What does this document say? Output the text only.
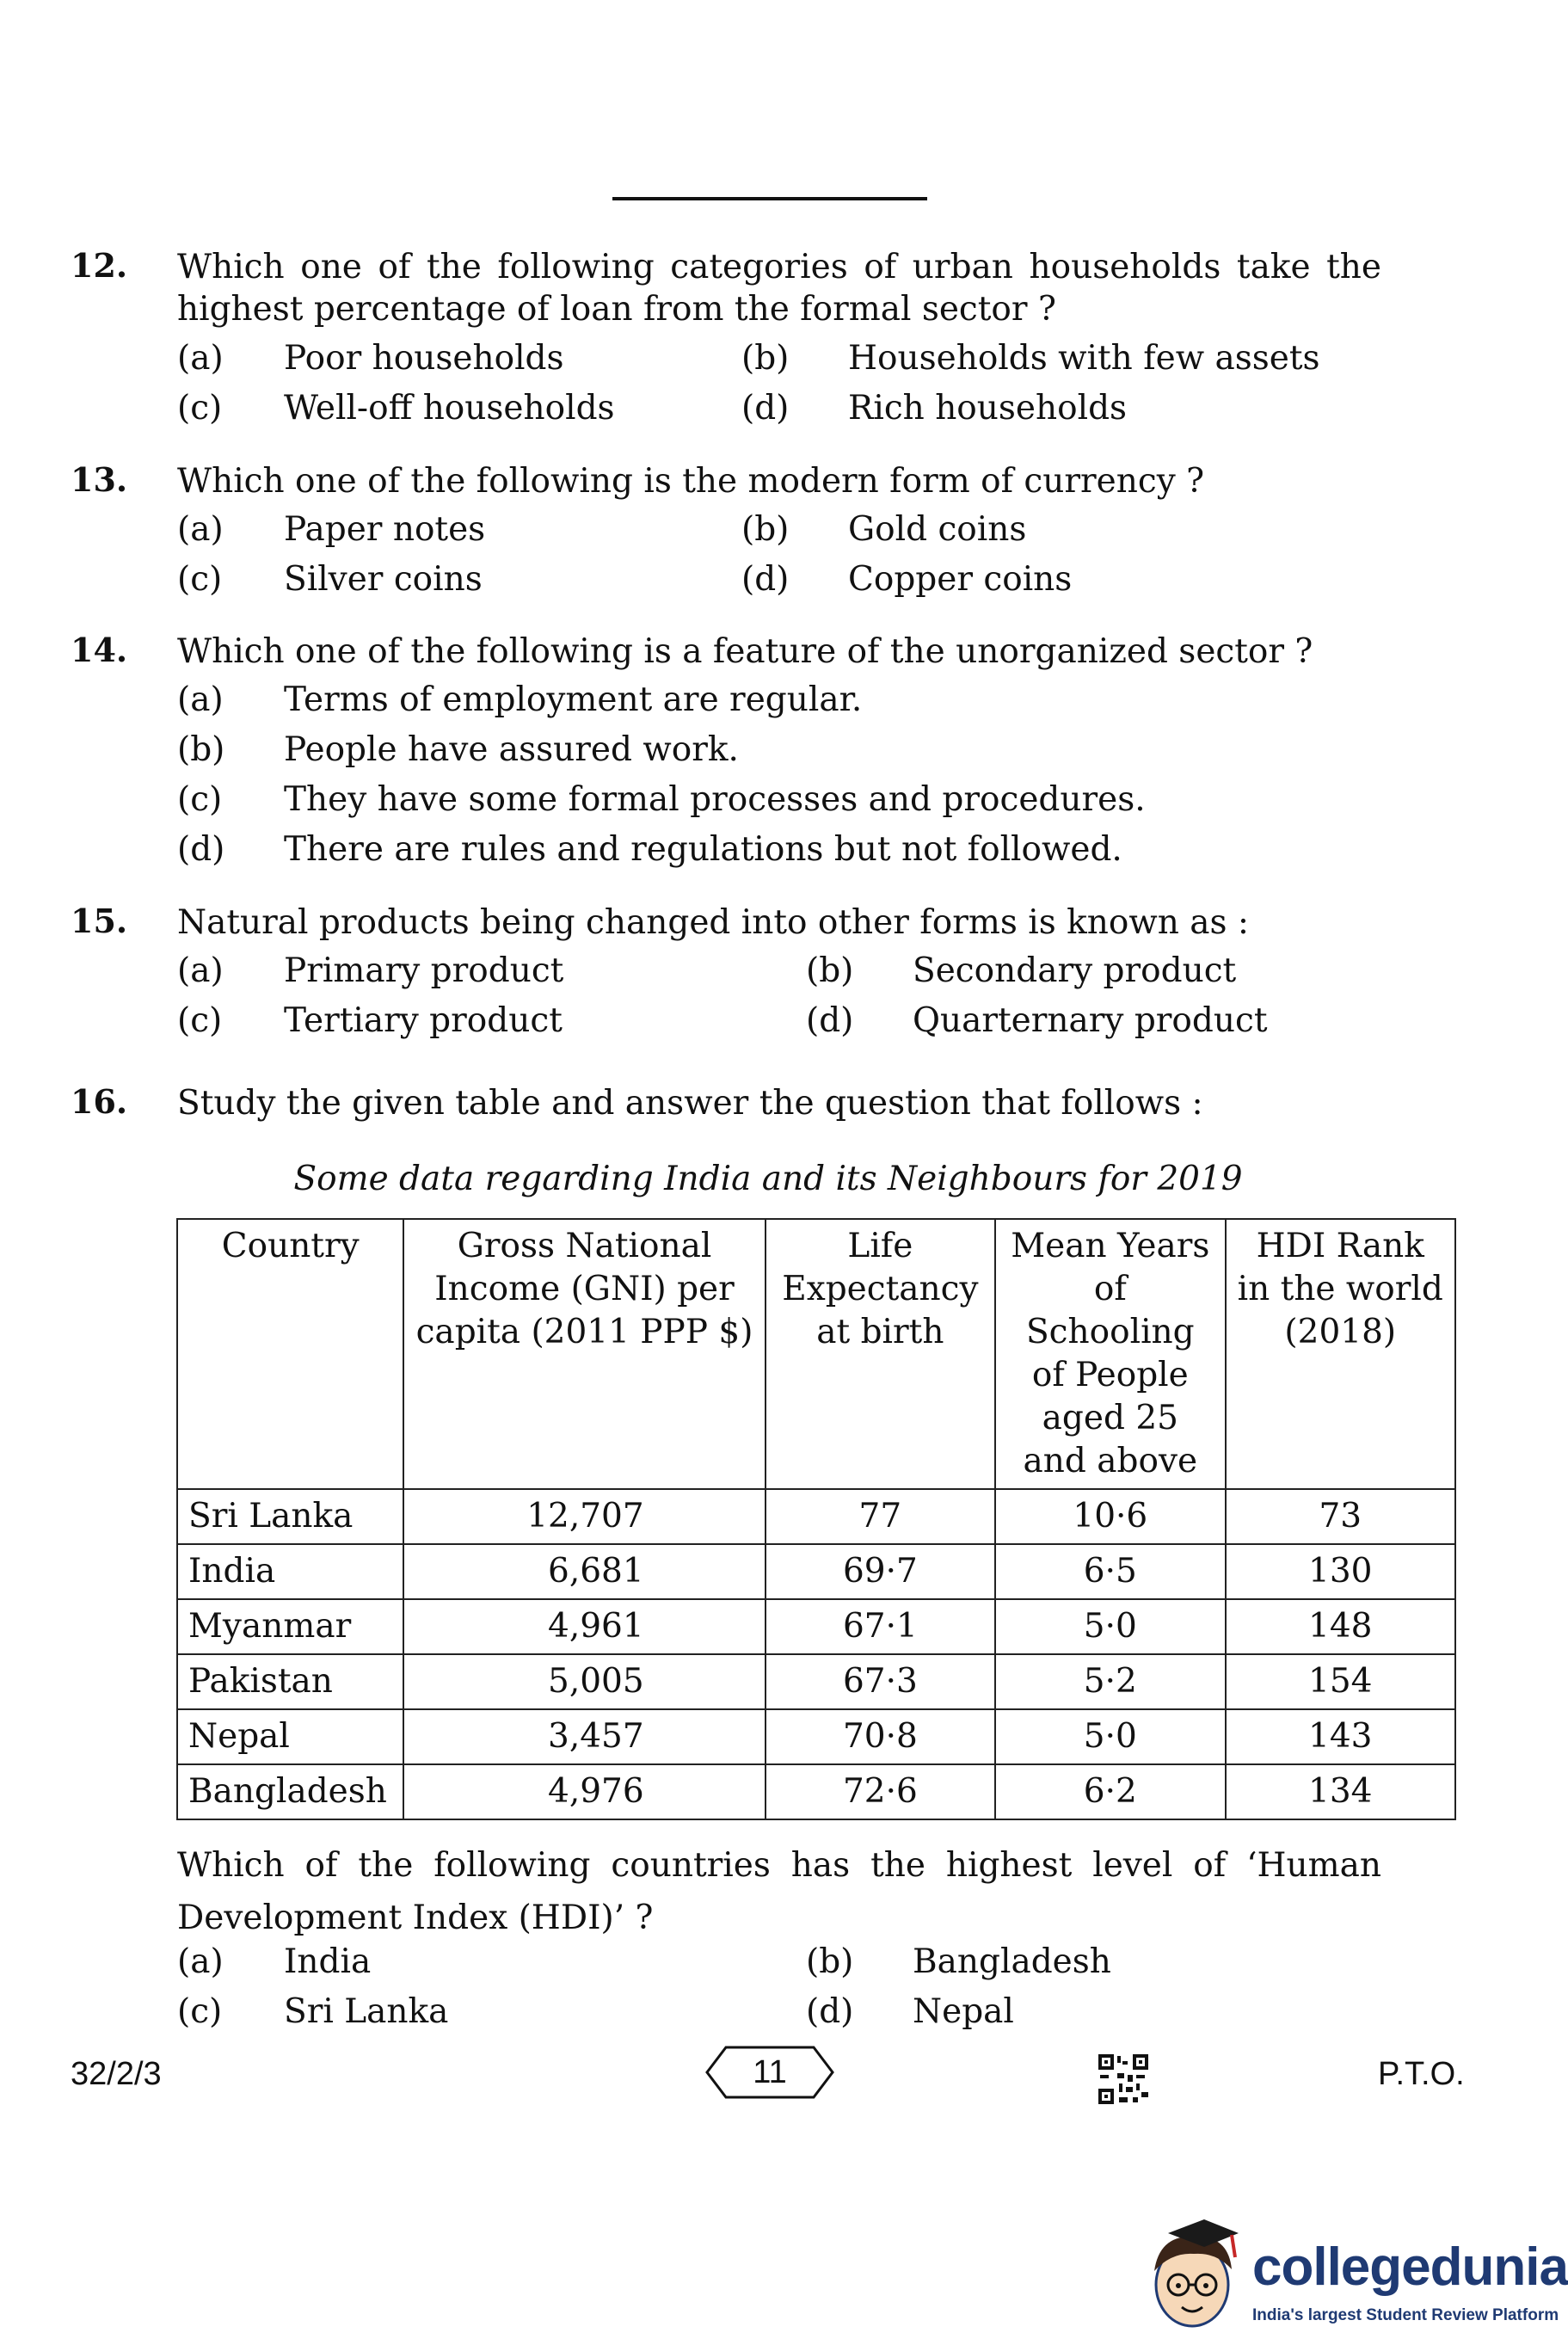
12. Which one of the following categories of urban households take the highest percentage of loan from the formal sector ?
(a) Poor households	(b) Households with few assets
(c) Well-off households	(d) Rich households
13. Which one of the following is the modern form of currency ?
(a) Paper notes	(b) Gold coins
(c) Silver coins	(d) Copper coins
14. Which one of the following is a feature of the unorganized sector ?
(a) Terms of employment are regular.
(b) People have assured work.
(c) They have some formal processes and procedures.
(d) There are rules and regulations but not followed.
15. Natural products being changed into other forms is known as :
(a) Primary product	(b) Secondary product
(c) Tertiary product	(d) Quarternary product
16. Study the given table and answer the question that follows :
Some data regarding India and its Neighbours for 2019
Country	Gross National Income (GNI) per capita (2011 PPP $)	Life Expectancy at birth	Mean Years of Schooling of People aged 25 and above	HDI Rank in the world (2018)
Sri Lanka	12,707	77	10·6	73
India	6,681	69·7	6·5	130
Myanmar	4,961	67·1	5·0	148
Pakistan	5,005	67·3	5·2	154
Nepal	3,457	70·8	5·0	143
Bangladesh	4,976	72·6	6·2	134
Which of the following countries has the highest level of ‘Human Development Index (HDI)’ ?
(a) India	(b) Bangladesh
(c) Sri Lanka	(d) Nepal
32/2/3	11	P.T.O.
collegedunia
India's largest Student Review Platform
